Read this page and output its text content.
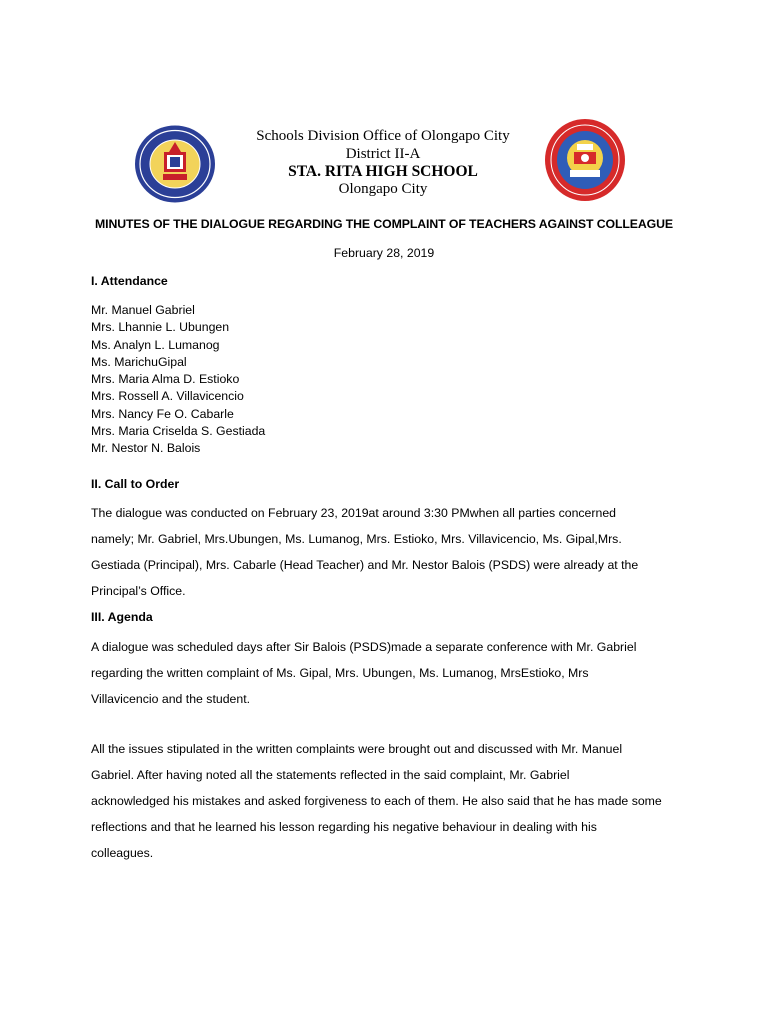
Schools Division Office of Olongapo City
District II-A
STA. RITA HIGH SCHOOL
Olongapo City
MINUTES OF THE DIALOGUE REGARDING THE COMPLAINT OF TEACHERS AGAINST COLLEAGUE
February 28, 2019
I. Attendance
Mr. Manuel Gabriel
Mrs. Lhannie L. Ubungen
Ms. Analyn L. Lumanog
Ms. MarichuGipal
Mrs. Maria Alma D. Estioko
Mrs. Rossell A. Villavicencio
Mrs. Nancy Fe O. Cabarle
Mrs. Maria Criselda S. Gestiada
Mr. Nestor N. Balois
II. Call to Order
The dialogue was conducted on February 23, 2019at around 3:30 PMwhen all parties concerned
namely; Mr. Gabriel, Mrs.Ubungen, Ms. Lumanog, Mrs. Estioko, Mrs. Villavicencio, Ms. Gipal,Mrs.
Gestiada (Principal), Mrs. Cabarle (Head Teacher) and Mr. Nestor Balois (PSDS) were already at the
Principal’s Office.
III. Agenda
A dialogue was scheduled days after Sir Balois (PSDS)made a separate conference with Mr. Gabriel
regarding the written complaint of Ms. Gipal, Mrs. Ubungen, Ms. Lumanog, MrsEstioko, Mrs
Villavicencio and the student.
All the issues stipulated in the written complaints were brought out and discussed with Mr. Manuel
Gabriel. After having noted all the statements reflected in the said complaint, Mr. Gabriel
acknowledged his mistakes and asked forgiveness to each of them. He also said that he has made some
reflections and that he learned his lesson regarding his negative behaviour in dealing with his
colleagues.
